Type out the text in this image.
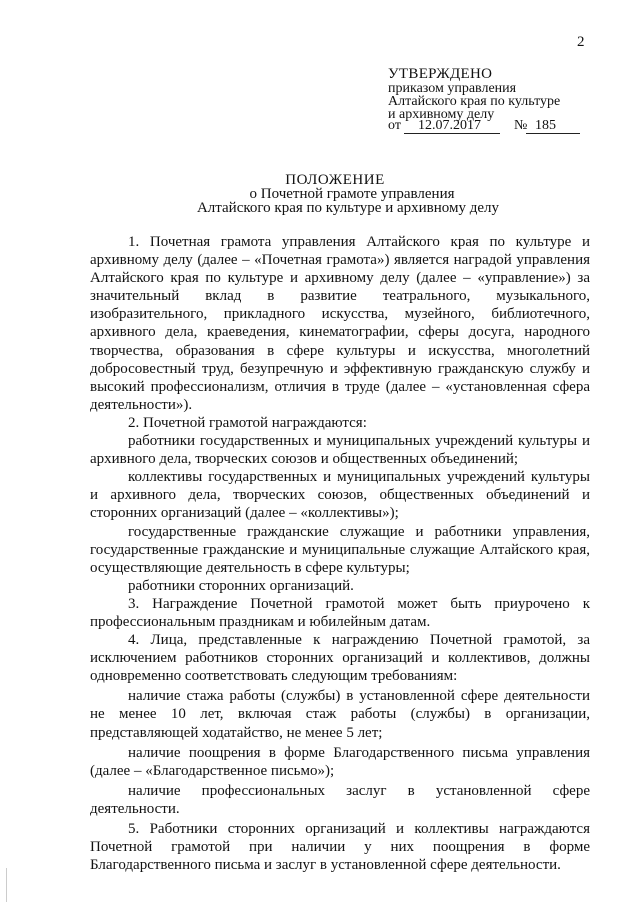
2
УТВЕРЖДЕНО
приказом управления
Алтайского края по культуре
и архивному делу
от 12.07.2017 № 185
ПОЛОЖЕНИЕ
о Почетной грамоте управления
Алтайского края по культуре и архивному делу

1. Почетная грамота управления Алтайского края по культуре и архивному делу (далее – «Почетная грамота») является наградой управления Алтайского края по культуре и архивному делу (далее – «управление») за значительный вклад в развитие театрального, музыкального, изобразительного, прикладного искусства, музейного, библиотечного, архивного дела, краеведения, кинематографии, сферы досуга, народного творчества, образования в сфере культуры и искусства, многолетний добросовестный труд, безупречную и эффективную гражданскую службу и высокий профессионализм, отличия в труде (далее – «установленная сфера деятельности»).

2. Почетной грамотой награждаются:

работники государственных и муниципальных учреждений культуры и архивного дела, творческих союзов и общественных объединений;

коллективы государственных и муниципальных учреждений культуры и архивного дела, творческих союзов, общественных объединений и сторонних организаций (далее – «коллективы»);

государственные гражданские служащие и работники управления, государственные гражданские и муниципальные служащие Алтайского края, осуществляющие деятельность в сфере культуры;

работники сторонних организаций.

3. Награждение Почетной грамотой может быть приурочено к профессиональным праздникам и юбилейным датам.

4. Лица, представленные к награждению Почетной грамотой, за исключением работников сторонних организаций и коллективов, должны одновременно соответствовать следующим требованиям:

наличие стажа работы (службы) в установленной сфере деятельности не менее 10 лет, включая стаж работы (службы) в организации, представляющей ходатайство, не менее 5 лет;

наличие поощрения в форме Благодарственного письма управления (далее – «Благодарственное письмо»);

наличие профессиональных заслуг в установленной сфере деятельности.

5. Работники сторонних организаций и коллективы награждаются Почетной грамотой при наличии у них поощрения в форме Благодарственного письма и заслуг в установленной сфере деятельности.
